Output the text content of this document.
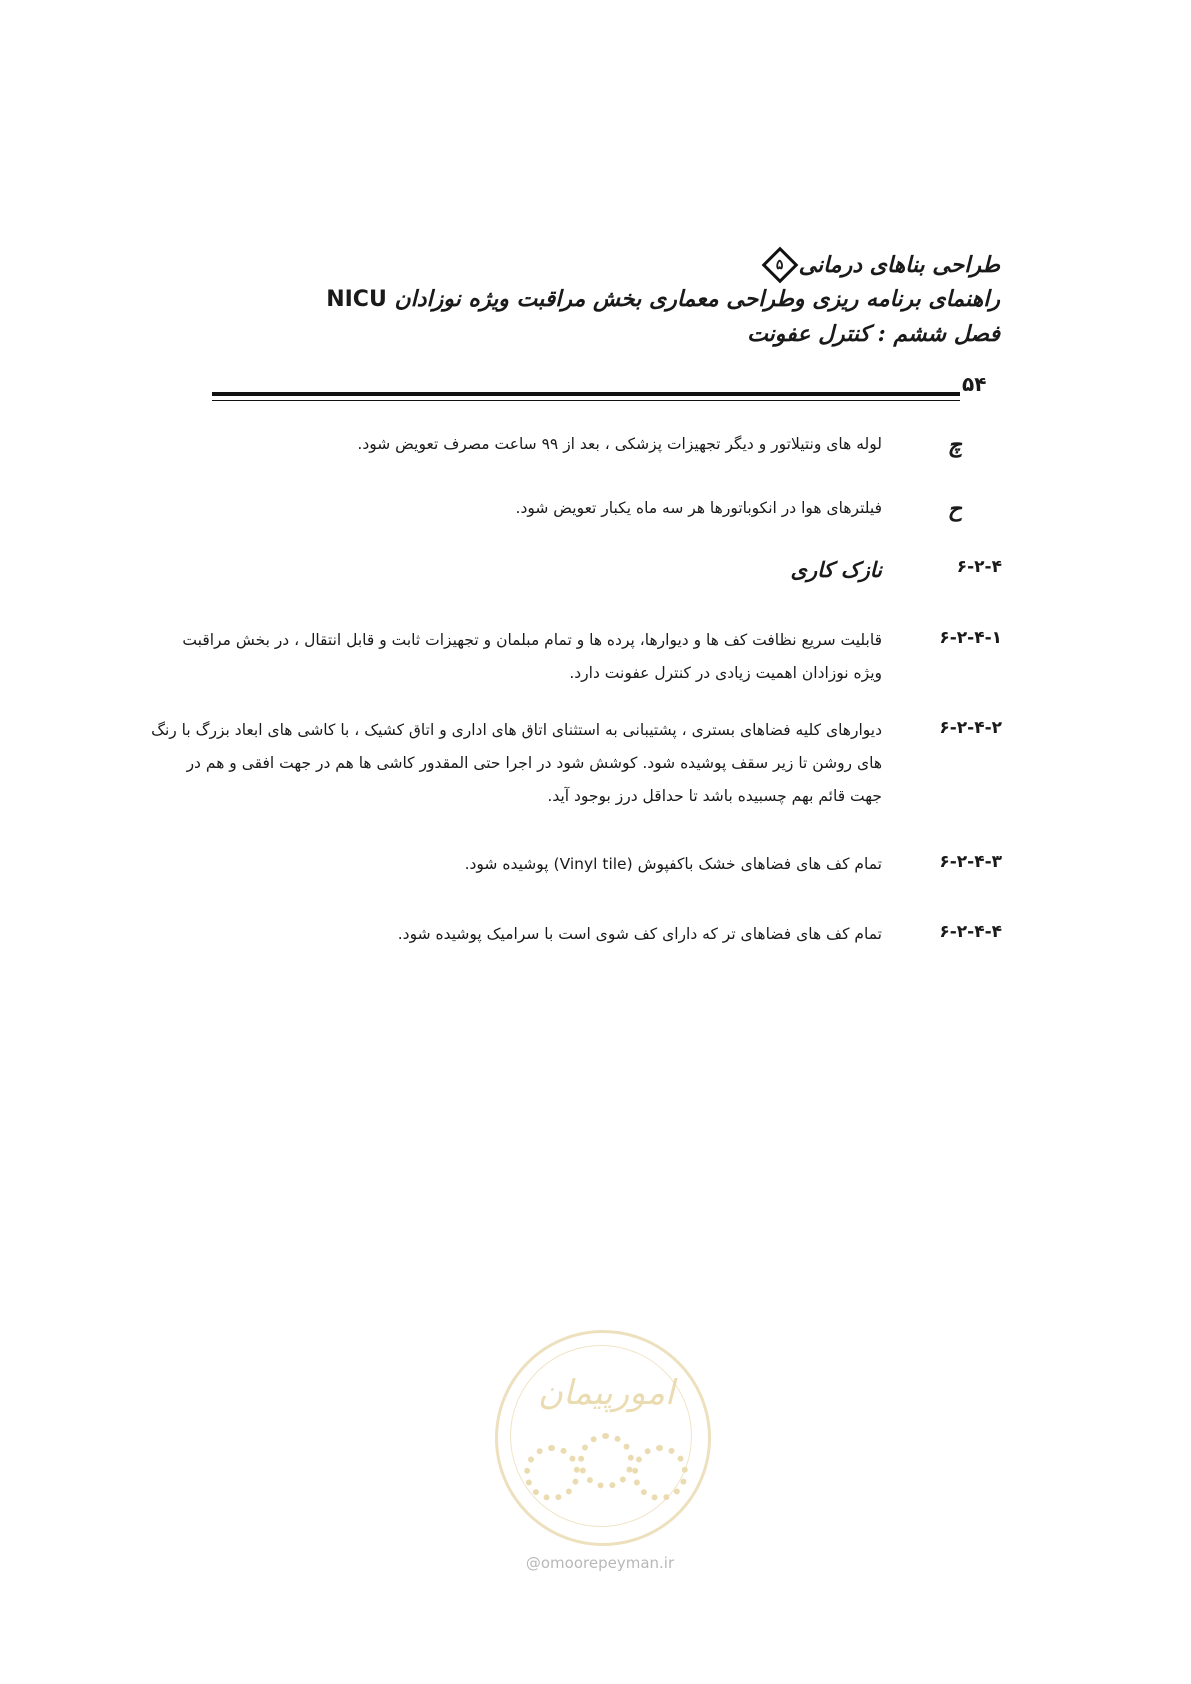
طراحی بناهای درمانی
۵
راهنمای برنامه ریزی وطراحی معماری بخش مراقبت ویژه نوزادان NICU
فصل ششم : کنترل عفونت
۵۴
چ
لوله های ونتیلاتور و دیگر تجهیزات پزشکی ، بعد از ۹۹ ساعت مصرف تعویض شود.
ح
فیلترهای هوا در انکوباتورها هر سه ماه یکبار تعویض شود.
۶-۲-۴
نازک کاری
۶-۲-۴-۱
قابلیت سریع نظافت کف ها و دیوارها، پرده ها و تمام مبلمان و تجهیزات ثابت و قابل انتقال ، در بخش مراقبت ویژه نوزادان اهمیت زیادی در کنترل عفونت دارد.
۶-۲-۴-۲
دیوارهای کلیه فضاهای بستری ، پشتیبانی به استثنای اتاق های اداری و اتاق کشیک ، با کاشی های ابعاد بزرگ با رنگ های روشن تا زیر سقف پوشیده شود. کوشش شود در اجرا حتی المقدور کاشی ها هم در جهت افقی و هم در جهت قائم بهم چسبیده باشد تا حداقل درز بوجود آید.
۶-۲-۴-۳
تمام کف های فضاهای خشک باکفپوش (Vinyl tile) پوشیده شود.
۶-۲-۴-۴
تمام کف های فضاهای تر که دارای کف شوی است با سرامیک پوشیده شود.
امورپیمان
@omoorepeyman.ir
